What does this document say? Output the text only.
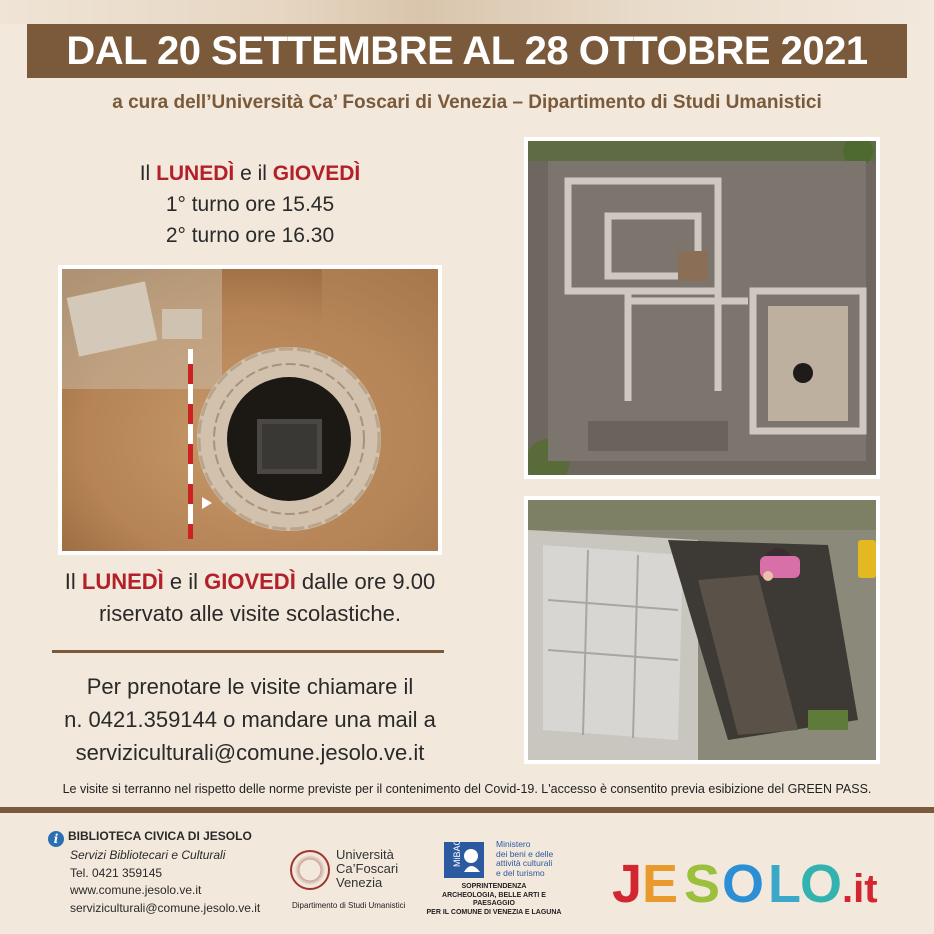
DAL 20 SETTEMBRE AL 28 OTTOBRE 2021
a cura dell’Università Ca’ Foscari di Venezia – Dipartimento di Studi Umanistici
Il LUNEDÌ e il GIOVEDÌ
1° turno ore 15.45
2° turno ore 16.30
Il LUNEDÌ e il GIOVEDÌ dalle ore 9.00
riservato alle visite scolastiche.
Per prenotare le visite chiamare il
n. 0421.359144 o mandare una mail a
serviziculturali@comune.jesolo.ve.it
Le visite si terranno nel rispetto delle norme previste per il contenimento del Covid-19. L'accesso è consentito previa esibizione del GREEN PASS.
i BIBLIOTECA CIVICA DI JESOLO
Servizi Bibliotecari e Culturali
Tel. 0421 359145
www.comune.jesolo.ve.it
serviziculturali@comune.jesolo.ve.it
Università
Ca’Foscari
Venezia
Dipartimento di Studi Umanistici
MiBAC	Ministero
dei beni e delle
attività culturali
e del turismo
SOPRINTENDENZA
ARCHEOLOGIA, BELLE ARTI E PAESAGGIO
PER IL COMUNE DI VENEZIA E LAGUNA J E S O L O .it
